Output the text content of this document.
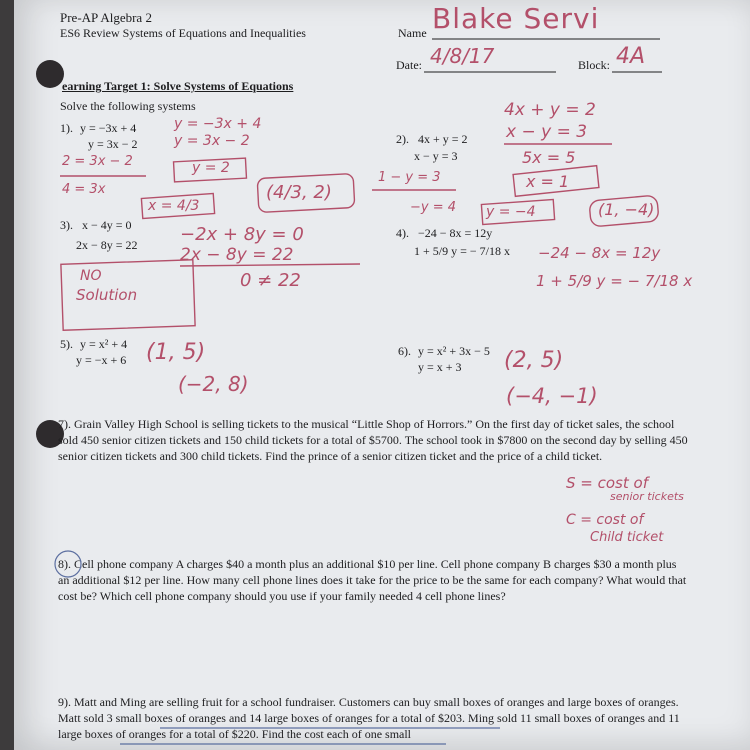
Pre-AP Algebra 2
ES6 Review Systems of Equations and Inequalities	Name Blake Servi
Date: 4/8/17	Block: 4A
earning Target 1: Solve Systems of Equations
Solve the following systems
1). y = −3x + 4
y = 3x − 2
y = −3x + 4
y = 3x − 2
2 = 3x − 2
4 = 3x
x = 4/3
y = 2
(4/3, 2)
2). 4x + y = 2
x − y = 3
4x + y = 2
x − y = 3
5x = 5
x = 1
1 − y = 3
−y = 4 y = −4	(1, −4)
3). x − 4y = 0
2x − 8y = 22 −2x + 8y = 0
2x − 8y = 22
0 ≠ 22
NO
Solution
4). −24 − 8x = 12y
1 + 5/9 y = − 7/18 x −24 − 8x = 12y
1 + 5/9 y = − 7/18 x
5). y = x² + 4
y = −x + 6 (1, 5)
(−2, 8)
6). y = x² + 3x − 5
y = x + 3 (2, 5)
(−4, −1)
7). Grain Valley High School is selling tickets to the musical “Little Shop of Horrors.” On the first day of ticket sales, the school sold 450 senior citizen tickets and 150 child tickets for a total of $5700. The school took in $7800 on the second day by selling 450 senior citizen tickets and 300 child tickets. Find the prince of a senior citizen ticket and the price of a child ticket.
S = cost of
senior tickets
C = cost of
Child ticket
8). Cell phone company A charges $40 a month plus an additional $10 per line. Cell phone company B charges $30 a month plus an additional $12 per line. How many cell phone lines does it take for the price to be the same for each company? What would that cost be? Which cell phone company should you use if your family needed 4 cell phone lines?
9). Matt and Ming are selling fruit for a school fundraiser. Customers can buy small boxes of oranges and large boxes of oranges. Matt sold 3 small boxes of oranges and 14 large boxes of oranges for a total of $203. Ming sold 11 small boxes of oranges and 11 large boxes of oranges for a total of $220. Find the cost each of one small
